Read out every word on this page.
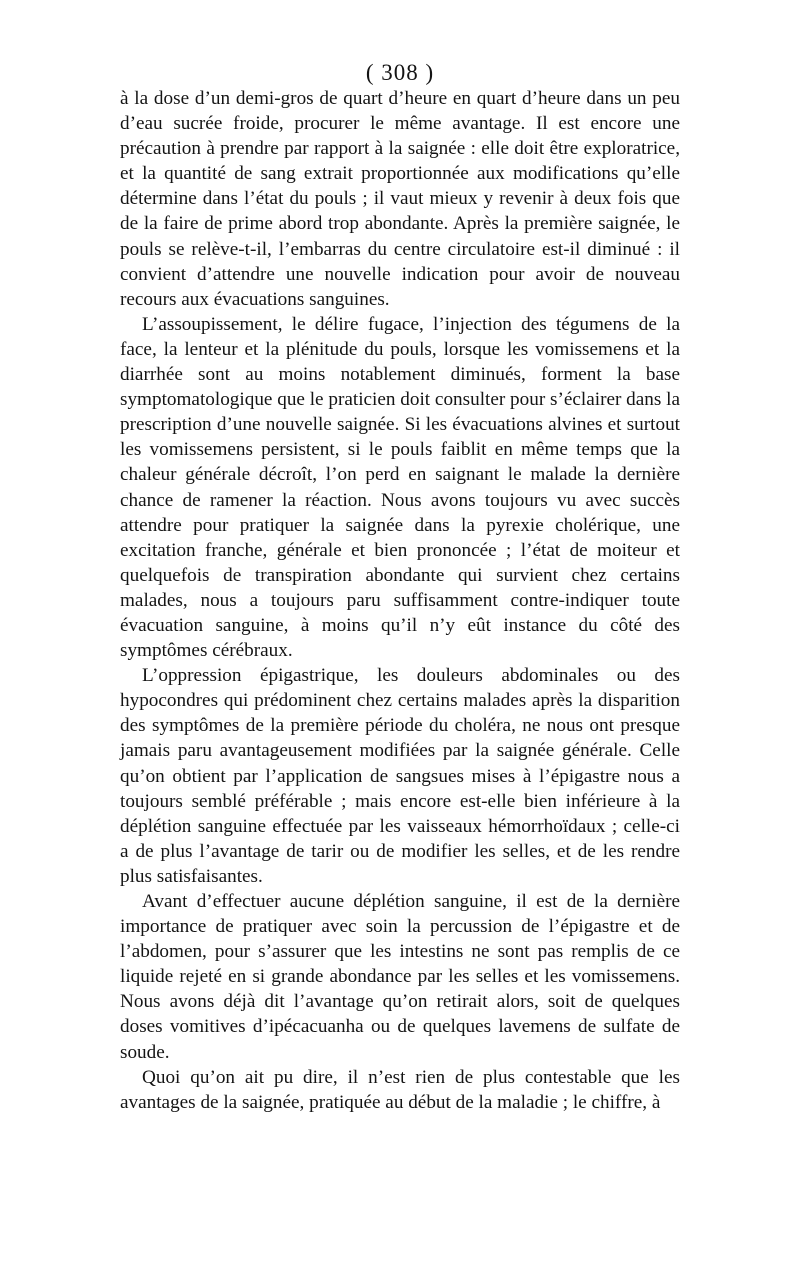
( 308 )

à la dose d’un demi-gros de quart d’heure en quart d’heure dans un peu d’eau sucrée froide, procurer le même avantage. Il est encore une précaution à prendre par rapport à la saignée : elle doit être exploratrice, et la quantité de sang extrait proportionnée aux modifications qu’elle détermine dans l’état du pouls ; il vaut mieux y revenir à deux fois que de la faire de prime abord trop abondante. Après la première saignée, le pouls se relève-t-il, l’embarras du centre circulatoire est-il diminué : il convient d’attendre une nouvelle indication pour avoir de nouveau recours aux évacuations sanguines.

L’assoupissement, le délire fugace, l’injection des tégumens de la face, la lenteur et la plénitude du pouls, lorsque les vomissemens et la diarrhée sont au moins notablement diminués, forment la base symptomatologique que le praticien doit consulter pour s’éclairer dans la prescription d’une nouvelle saignée. Si les évacuations alvines et surtout les vomissemens persistent, si le pouls faiblit en même temps que la chaleur générale décroît, l’on perd en saignant le malade la dernière chance de ramener la réaction. Nous avons toujours vu avec succès attendre pour pratiquer la saignée dans la pyrexie cholérique, une excitation franche, générale et bien prononcée ; l’état de moiteur et quelquefois de transpiration abondante qui survient chez certains malades, nous a toujours paru suffisamment contre-indiquer toute évacuation sanguine, à moins qu’il n’y eût instance du côté des symptômes cérébraux.

L’oppression épigastrique, les douleurs abdominales ou des hypocondres qui prédominent chez certains malades après la disparition des symptômes de la première période du choléra, ne nous ont presque jamais paru avantageusement modifiées par la saignée générale. Celle qu’on obtient par l’application de sangsues mises à l’épigastre nous a toujours semblé préférable ; mais encore est-elle bien inférieure à la déplétion sanguine effectuée par les vaisseaux hémorrhoïdaux ; celle-ci a de plus l’avantage de tarir ou de modifier les selles, et de les rendre plus satisfaisantes.

Avant d’effectuer aucune déplétion sanguine, il est de la dernière importance de pratiquer avec soin la percussion de l’épigastre et de l’abdomen, pour s’assurer que les intestins ne sont pas remplis de ce liquide rejeté en si grande abondance par les selles et les vomissemens. Nous avons déjà dit l’avantage qu’on retirait alors, soit de quelques doses vomitives d’ipécacuanha ou de quelques lavemens de sulfate de soude.

Quoi qu’on ait pu dire, il n’est rien de plus contestable que les avantages de la saignée, pratiquée au début de la maladie ; le chiffre, à
